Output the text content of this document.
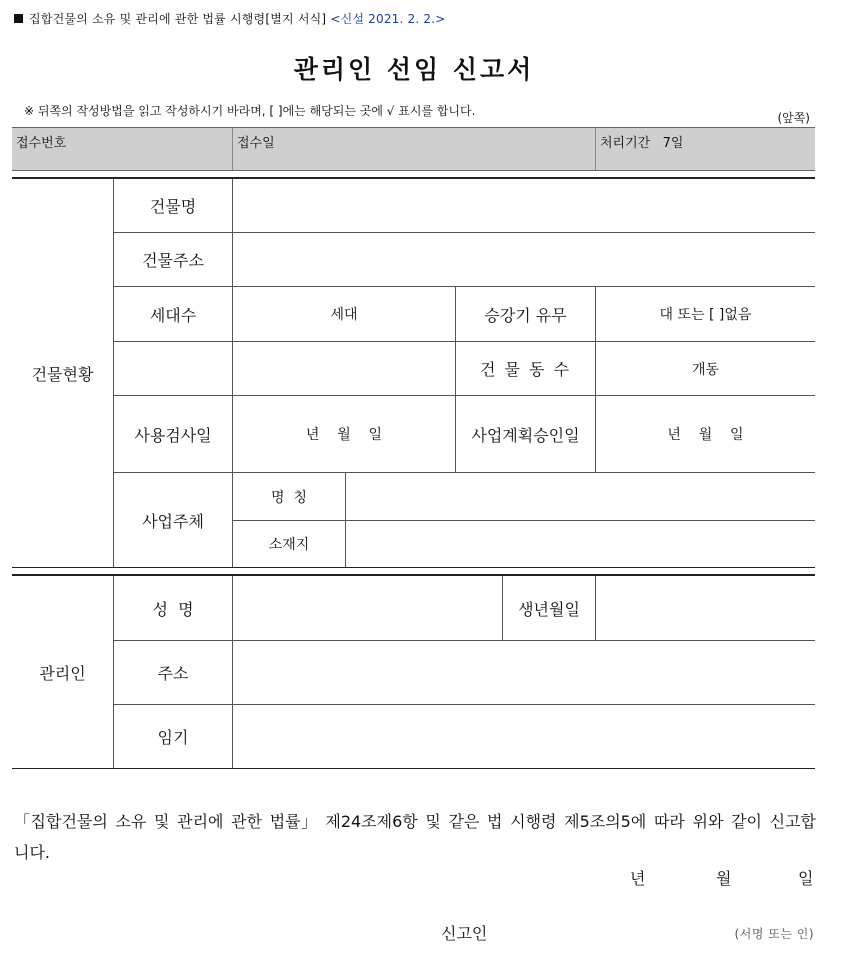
집합건물의 소유 및 관리에 관한 법률 시행령[별지 서식] <신설 2021. 2. 2.>
관리인 선임 신고서
※ 뒤쪽의 작성방법을 읽고 작성하시기 바라며, [ ]에는 해당되는 곳에 √ 표시를 합니다.	(앞쪽)
접수번호	접수일	처리기간 7일
건물현황
건물명
건물주소
세대수	세대	승강기 유무	대 또는 [ ]없음
건 물 동 수	개동
사용검사일	년    월    일	사업계획승인일	년    월    일
사업주체
명  칭
소재지
관리인
성  명	생년월일
주소
임기
「집합건물의 소유 및 관리에 관한 법률」 제24조제6항 및 같은 법 시행령 제5조의5에 따라 위와 같이 신고합니다.
년	월	일
신고인	(서명 또는 인)
